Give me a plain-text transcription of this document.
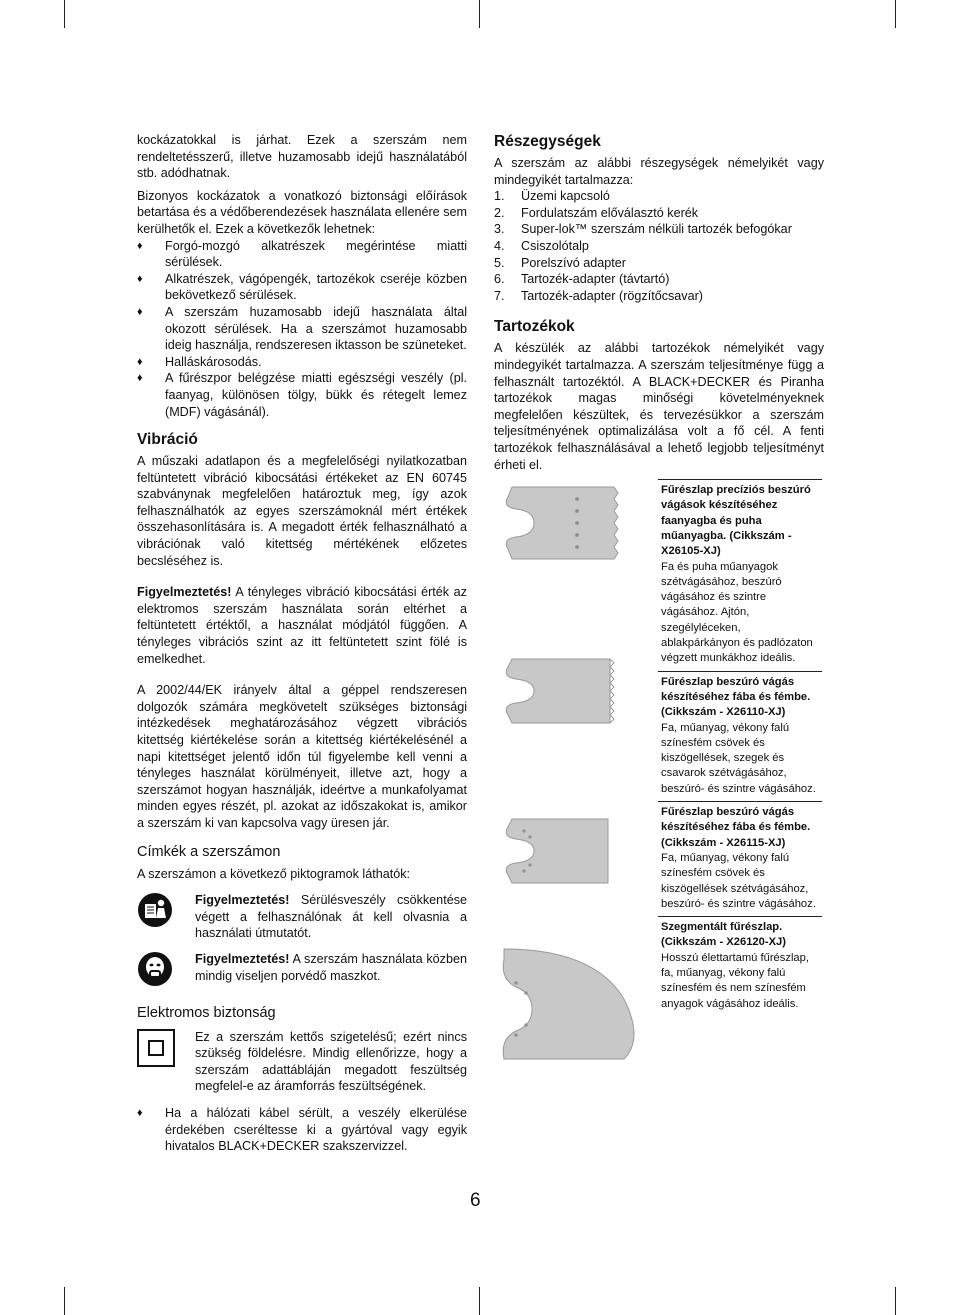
kockázatokkal is járhat. Ezek a szerszám nem rendeltetésszerű, illetve huzamosabb idejű használatából stb. adódhatnak.

Bizonyos kockázatok a vonatkozó biztonsági előírások betartása és a védőberendezések használata ellenére sem kerülhetők el. Ezek a következők lehetnek:

♦ Forgó-mozgó alkatrészek megérintése miatti sérülések.
♦ Alkatrészek, vágópengék, tartozékok cseréje közben bekövetkező sérülések.
♦ A szerszám huzamosabb idejű használata által okozott sérülések. Ha a szerszámot huzamosabb ideig használja, rendszeresen iktasson be szüneteket.
♦ Halláskárosodás.
♦ A fűrészpor belégzése miatti egészségi veszély (pl. faanyag, különösen tölgy, bükk és rétegelt lemez (MDF) vágásánál).
Vibráció

A műszaki adatlapon és a megfelelőségi nyilatkozatban feltüntetett vibráció kibocsátási értékeket az EN 60745 szabványnak megfelelően határoztuk meg, így azok felhasználhatók az egyes szerszámoknál mért értékek összehasonlítására is. A megadott érték felhasználható a vibrációnak való kitettség mértékének előzetes becsléséhez is.

Figyelmeztetés! A tényleges vibráció kibocsátási érték az elektromos szerszám használata során eltérhet a feltüntetett értéktől, a használat módjától függően. A tényleges vibrációs szint az itt feltüntetett szint fölé is emelkedhet.

A 2002/44/EK irányelv által a géppel rendszeresen dolgozók számára megkövetelt szükséges biztonsági intézkedések meghatározásához végzett vibrációs kitettség kiértékelése során a kitettség kiértékelésénél a napi kitettséget jelentő időn túl figyelembe kell venni a tényleges használat körülményeit, illetve azt, hogy a szerszámot hogyan használják, ideértve a munkafolyamat minden egyes részét, pl. azokat az időszakokat is, amikor a szerszám ki van kapcsolva vagy üresen jár.

Címkék a szerszámon

A szerszámon a következő piktogramok láthatók:

Figyelmeztetés! Sérülésveszély csökkentése végett a felhasználónak át kell olvasnia a használati útmutatót.

Figyelmeztetés! A szerszám használata közben mindig viseljen porvédő maszkot.

Elektromos biztonság

Ez a szerszám kettős szigetelésű; ezért nincs szükség földelésre. Mindig ellenőrizze, hogy a szerszám adattábláján megadott feszültség megfelel-e az áramforrás feszültségének.

♦ Ha a hálózati kábel sérült, a veszély elkerülése érdekében cseréltesse ki a gyártóval vagy egyik hivatalos BLACK+DECKER szakszervizzel.
Részegységek

A szerszám az alábbi részegységek némelyikét vagy mindegyikét tartalmazza:

1.	Üzemi kapcsoló
2.	Fordulatszám előválasztó kerék
3.	Super-lok™ szerszám nélküli tartozék befogókar
4.	Csiszolótalp
5.	Porelszívó adapter
6.	Tartozék-adapter (távtartó)
7.	Tartozék-adapter (rögzítőcsavar)
Tartozékok

A készülék az alábbi tartozékok némelyikét vagy mindegyikét tartalmazza. A szerszám teljesítménye függ a felhasznált tartozéktól. A BLACK+DECKER és Piranha tartozékok magas minőségi követelményeknek megfelelően készültek, és tervezésükkor a szerszám teljesítményének optimalizálása volt a fő cél. A fenti tartozékok felhasználásával a lehető legjobb teljesítményt érheti el.

Fűrészlap precíziós beszúró vágások készítéséhez faanyagba és puha műanyagba. (Cikkszám - X26105-XJ)
Fa és puha műanyagok szétvágásához, beszúró vágásához és szintre vágásához. Ajtón, szegélyléceken, ablakpárkányon és padlózaton végzett munkákhoz ideális.
Fűrészlap beszúró vágás készítéséhez fába és fémbe. (Cikkszám - X26110-XJ)
Fa, műanyag, vékony falú színesfém csövek és kiszögellések, szegek és csavarok szétvágásához, beszúró- és szintre vágásához.
Fűrészlap beszúró vágás készítéséhez fába és fémbe. (Cikkszám - X26115-XJ)
Fa, műanyag, vékony falú színesfém csövek és kiszögellések szétvágásához, beszúró- és szintre vágásához.
Szegmentált fűrészlap. (Cikkszám - X26120-XJ)
Hosszú élettartamú fűrészlap, fa, műanyag, vékony falú színesfém és nem színesfém anyagok vágásához ideális.
6
